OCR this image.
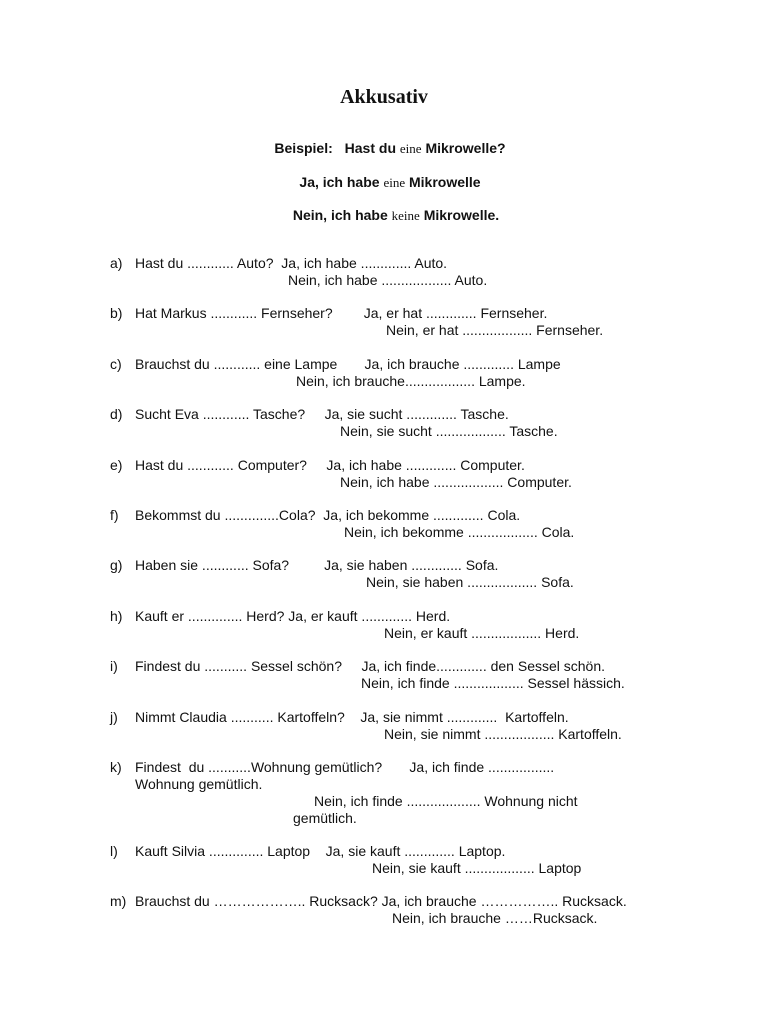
Akkusativ
Beispiel: Hast du eine Mikrowelle?
Ja, ich habe eine Mikrowelle
Nein, ich habe keine Mikrowelle.
a) Hast du ............ Auto?  Ja, ich habe ............. Auto.
Nein, ich habe .................. Auto.
b) Hat Markus ............ Fernseher?        Ja, er hat ............. Fernseher.
Nein, er hat .................. Fernseher.
c) Brauchst du ............ eine Lampe       Ja, ich brauche ............. Lampe
Nein, ich brauche.................. Lampe.
d) Sucht Eva ............ Tasche?     Ja, sie sucht ............. Tasche.
Nein, sie sucht .................. Tasche.
e) Hast du ............ Computer?     Ja, ich habe ............. Computer.
Nein, ich habe .................. Computer.
f) Bekommst du ..............Cola?  Ja, ich bekomme ............. Cola.
Nein, ich bekomme .................. Cola.
g) Haben sie ............ Sofa?         Ja, sie haben ............. Sofa.
Nein, sie haben .................. Sofa.
h) Kauft er .............. Herd? Ja, er kauft ............. Herd.
Nein, er kauft .................. Herd.
i) Findest du ........... Sessel schön?     Ja, ich finde............. den Sessel schön.
Nein, ich finde .................. Sessel hässich.
j) Nimmt Claudia ........... Kartoffeln?    Ja, sie nimmt .............  Kartoffeln.
Nein, sie nimmt .................. Kartoffeln.
k) Findest  du ...........Wohnung gemütlich?       Ja, ich finde .................
Wohnung gemütlich.
Nein, ich finde ................... Wohnung nicht
gemütlich.
l) Kauft Silvia .............. Laptop    Ja, sie kauft ............. Laptop.
Nein, sie kauft .................. Laptop
m) Brauchst du ……………….. Rucksack? Ja, ich brauche …………….. Rucksack.
Nein, ich brauche ……Rucksack.
